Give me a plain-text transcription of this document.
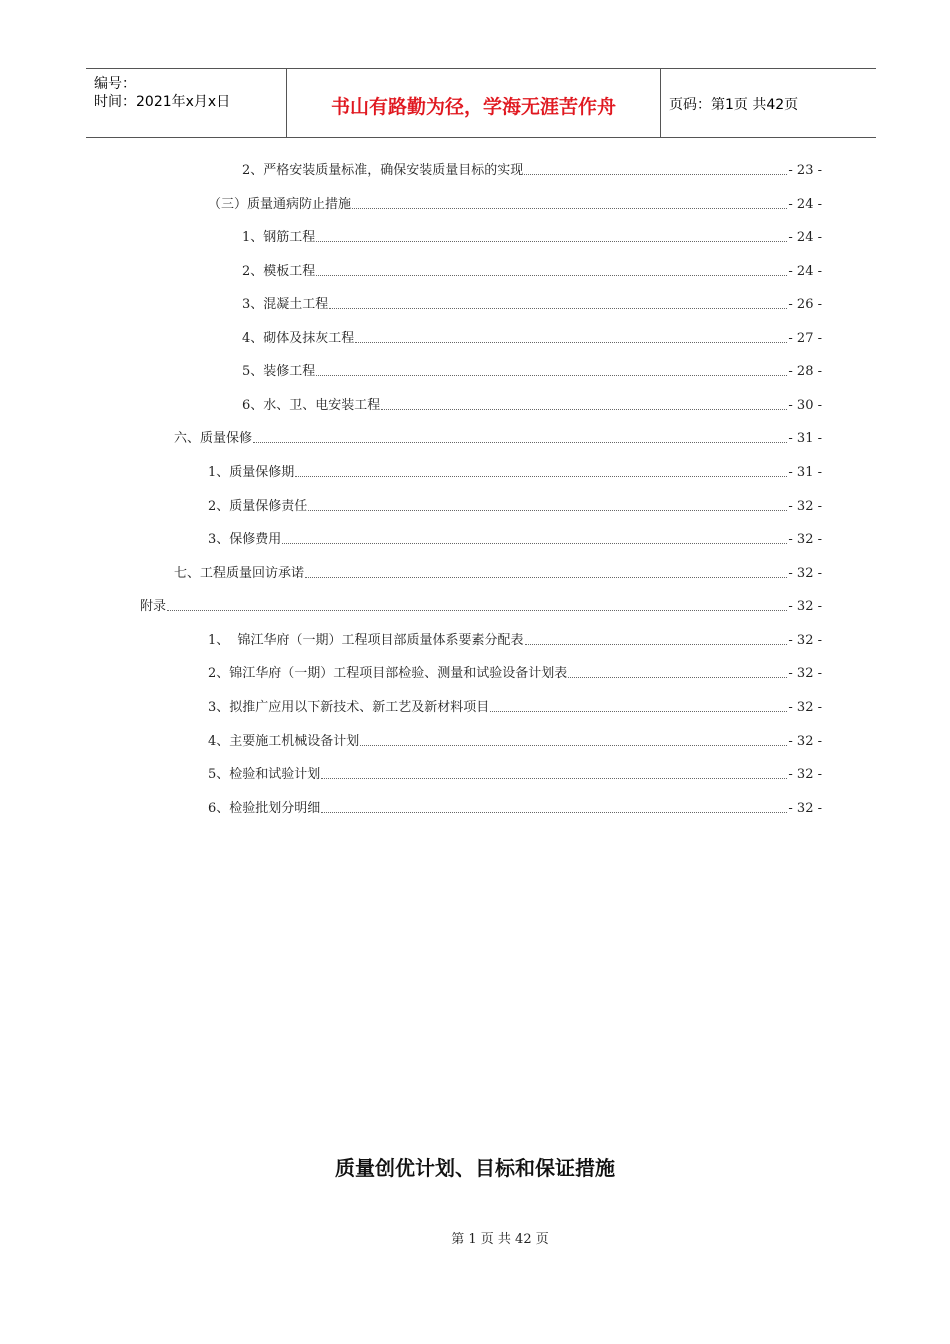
编号：
时间：2021年x月x日	书山有路勤为径，学海无涯苦作舟	页码：第1页 共42页
2、严格安装质量标准，确保安装质量目标的实现	- 23 -
（三）质量通病防止措施	- 24 -
1、钢筋工程	- 24 -
2、模板工程	- 24 -
3、混凝土工程	- 26 -
4、砌体及抹灰工程	- 27 -
5、装修工程	- 28 -
6、水、卫、电安装工程	- 30 -
六、质量保修	- 31 -
1、质量保修期	- 31 -
2、质量保修责任	- 32 -
3、保修费用	- 32 -
七、工程质量回访承诺	- 32 -
附录	- 32 -
1、  锦江华府（一期）工程项目部质量体系要素分配表	- 32 -
2、锦江华府（一期）工程项目部检验、测量和试验设备计划表	- 32 -
3、拟推广应用以下新技术、新工艺及新材料项目	- 32 -
4、主要施工机械设备计划	- 32 -
5、检验和试验计划	- 32 -
6、检验批划分明细	- 32 -
质量创优计划、目标和保证措施
第 1 页 共 42 页
